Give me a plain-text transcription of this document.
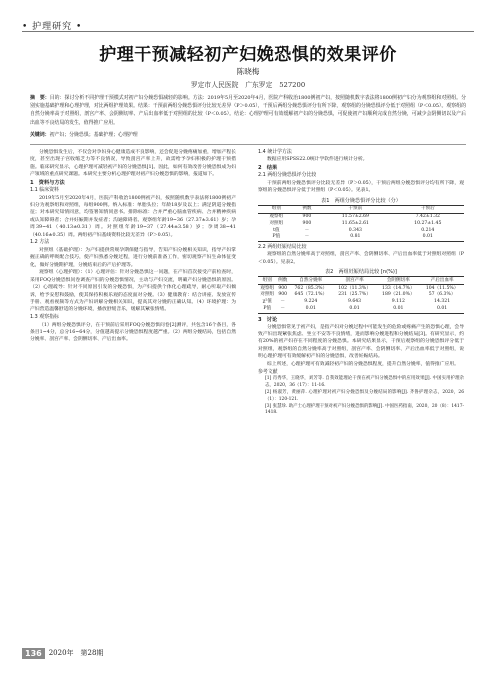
• 护理研究 •
护理干预减轻初产妇娩恐惧的效果评价
陈晓梅
罗定市人民医院　广东罗定　527200
摘　要：目的：探讨分析不同护理干预模式对初产妇分娩恐惧减轻的影响。方法：2019年5月至2020年4月，医院产科收治1800例初产妇，按照随机数字表法将1800例初产妇分为观察组和对照组。分别实施基础护理和心理护理，对比两组护理效果。结果：干预前两组分娩恐惧评分比较无差异（P＞0.05），干预后两组分娩恐惧评分有所下降，观察组的分娩恐惧评分低于对照组（P＜0.05）。观察组的自然分娩率高于对照组，剖宫产率、会阴侧切率、产后出血率低于对照组的比较（P＜0.05）。结论：心理护理可有效缓解初产妇的分娩恐惧，可促使初产妇顺利完成自然分娩，可减少会阴侧切以及产后出血等不良结局的发生，值得推广应用。
关键词：初产妇；分娩恐惧；基础护理；心理护理

分娩恐惧发生后，不仅会对孕妇身心健康造成不良影响，还会促进分娩疼痛加重，增加产程长度，甚至出现子宫收缩乏力等不良情况，导致剖宫产率上升，故需给予孕妇积极的护理干预措施。临床研究显示，心理护理可减轻初产妇的分娩恐惧[1]。因此，如何有效改善分娩恐惧成为妇产领域的重点研究课题。本研究主要分析心理护理对初产妇分娩恐惧的影响，报道如下。

1　资料与方法
1.1 临床资料

2019年5月至2020年4月，医院产科收治1800例初产妇，按照随机数字表法将1800例初产妇分为观察组和对照组，每组900例。纳入标准：单胎头位；年龄18岁及以上；满足阴道分娩指征；对本研究知情同意，均签署知情同意书。排除标准：合并严重心脑血管疾病、合并精神疾病或认知障碍者；合并妊娠期并发症者；沟通障碍者。观察组年龄19~36（27.37±3.61）岁；孕周39~41（40.13±0.31）周。对照组年龄19~37（27.44±3.58）岁；孕周38~41（40.16±0.35）周。两组初产妇基线资料比较无差异（P＞0.05）。

1.2 方法

对照组（基础护理）：为产妇提供常规孕期保健与指导，告知产妇分娩相关知识，指导产妇掌握正确的呼吸配合技巧，使产妇熟悉分娩过程，进行分娩前准备工作，密切观察产妇生命体征变化，做好分娩期护理，分娩结束后的产后护理等。

观察组（心理护理）：（1）心理评估：针对分娩恐惧这一问题，在产妇首次接受产前检查时，采用FOQ分娩恐惧问卷调查产妇的分娩恐惧情况，主动与产妇交流，明确产妇分娩恐惧的原因。（2）心理疏导：针对不同原因引发的分娩恐惧，为产妇提供个体化心理疏导，耐心听取产妇倾诉，给予安慰和鼓励，使其保持积极乐观的态度面对分娩。（3）健康教育：结合讲座、发放宣传手册、观看视频等方式为产妇讲解分娩相关知识，提高其对分娩的正确认知。（4）环境护理：为产妇营造温馨舒适的分娩环境，播放舒缓音乐，缓解其紧张情绪。

1.3 观察指标

（1）两组分娩恐惧评分，在干预前后采用FOQ分娩恐惧问卷[2]测评，共包含16个条目，各条目1~4分，总分16~64分，分值越高提示分娩恐惧程度越严重。（2）两组分娩结局，包括自然分娩率、剖宫产率、会阴侧切率、产后出血率。

1.4 统计学方法

数据应用SPSS22.0统计学软件进行统计分析。

2　结果
2.1 两组分娩恐惧评分比较

干预前两组分娩恐惧评分比较无差异（P＞0.05），干预后两组分娩恐惧评分均有所下降，观察组的分娩恐惧评分低于对照组（P＜0.05）。见表1。

表1　两组分娩恐惧评分比较（分）
组别	例数	干预前	干预后
观察组	900	11.57±2.69	7.42±1.32
对照组	900	11.65±2.61	10.27±1.45
t值	－	0.343	0.214
P值	－	0.81	0.01
2.2 两组妊娠结局比较

观察组的自然分娩率高于对照组，剖宫产率、会阴侧切率、产后出血率低于对照组对照组（P＜0.05）。见表2。

表2　两组妊娠结局比较 [n(%)]
组别	例数	自然分娩率	剖宫产率	会阴侧切率	产后出血率
观察组	900	762（85.3%）	102（11.3%）	133（14.7%）	104（11.5%）
对照组	900	645（72.1%）	231（25.7%）	189（21.0%）	57（6.3%）
χ²值	－	9.224	9.643	9.112	14.321
P值	－	0.01	0.01	0.01	0.01
3　讨论

分娩恐惧常见于初产妇，是指产妇对分娩过程中可能发生的危险或疼痛产生的恐惧心理，会导致产妇出现紧张焦虑、坐立不安等不良情绪，进而影响分娩进程和分娩结局[3]。有研究显示，约有20%的初产妇存在不同程度的分娩恐惧。本研究结果显示，干预后观察组的分娩恐惧评分低于对照组，观察组的自然分娩率高于对照组，剖宫产率、会阴侧切率、产后出血率低于对照组，说明心理护理可有效缓解初产妇的分娩恐惧，改善妊娠结局。

综上所述，心理护理可有效减轻初产妇的分娩恐惧程度，提升自然分娩率，值得推广应用。

参考文献

[1] 肖秀华，王晓华，刘芳等. 自我效能理论干预在初产妇分娩恐惧中的应用效果[J]. 中国实用护理杂志，2020，36（17）：11-16.

[2] 杨淑芳，黄丽萍. 心理护理对初产妇分娩恐惧及分娩结局的影响[J]. 齐鲁护理杂志，2020，26（1）：120-121.

[3] 张慧珍. 助产士心理护理干预对初产妇分娩恐惧的影响[J]. 中国医药指南，2020，20（8）：1417-1418.

136	2020年　第28期
